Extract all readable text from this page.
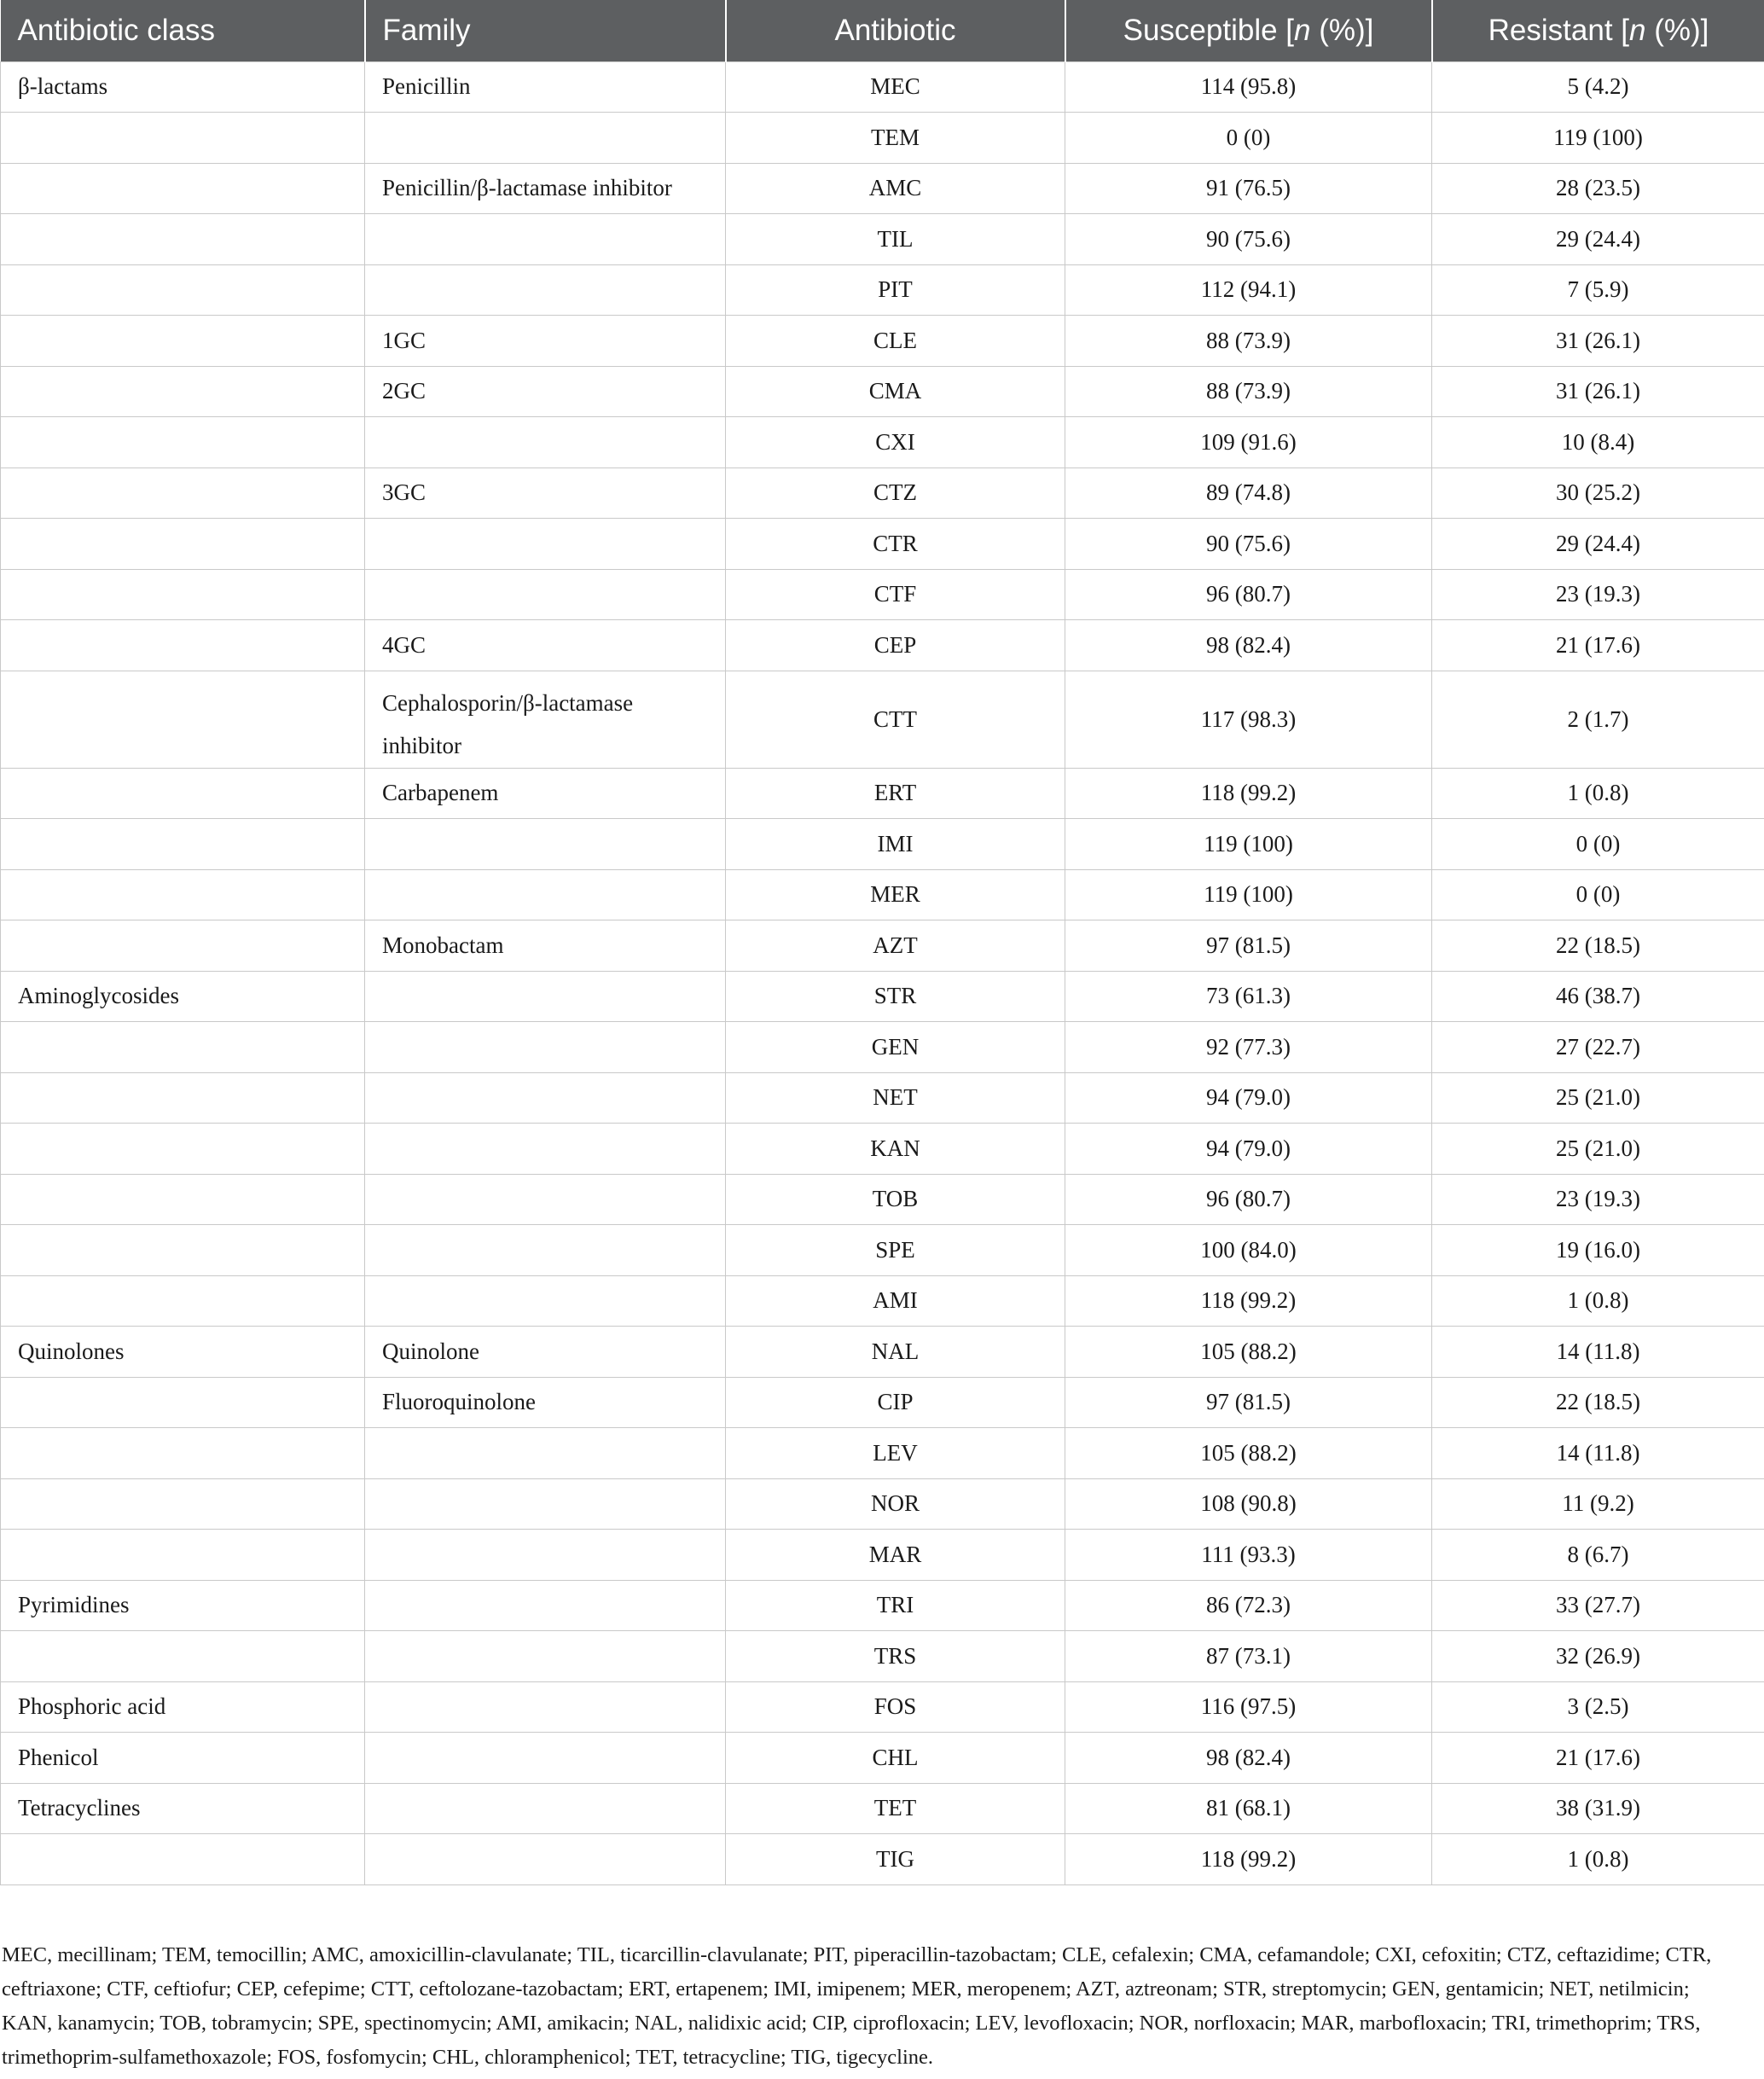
Antibiotic class	Family	Antibiotic	Susceptible [n (%)]	Resistant [n (%)]
β-lactams	Penicillin	MEC	114 (95.8)	5 (4.2)
		TEM	0 (0)	119 (100)
	Penicillin/β-lactamase inhibitor	AMC	91 (76.5)	28 (23.5)
		TIL	90 (75.6)	29 (24.4)
		PIT	112 (94.1)	7 (5.9)
	1GC	CLE	88 (73.9)	31 (26.1)
	2GC	CMA	88 (73.9)	31 (26.1)
		CXI	109 (91.6)	10 (8.4)
	3GC	CTZ	89 (74.8)	30 (25.2)
		CTR	90 (75.6)	29 (24.4)
		CTF	96 (80.7)	23 (19.3)
	4GC	CEP	98 (82.4)	21 (17.6)
	Cephalosporin/β-lactamase inhibitor	CTT	117 (98.3)	2 (1.7)
	Carbapenem	ERT	118 (99.2)	1 (0.8)
		IMI	119 (100)	0 (0)
		MER	119 (100)	0 (0)
	Monobactam	AZT	97 (81.5)	22 (18.5)
Aminoglycosides		STR	73 (61.3)	46 (38.7)
		GEN	92 (77.3)	27 (22.7)
		NET	94 (79.0)	25 (21.0)
		KAN	94 (79.0)	25 (21.0)
		TOB	96 (80.7)	23 (19.3)
		SPE	100 (84.0)	19 (16.0)
		AMI	118 (99.2)	1 (0.8)
Quinolones	Quinolone	NAL	105 (88.2)	14 (11.8)
	Fluoroquinolone	CIP	97 (81.5)	22 (18.5)
		LEV	105 (88.2)	14 (11.8)
		NOR	108 (90.8)	11 (9.2)
		MAR	111 (93.3)	8 (6.7)
Pyrimidines		TRI	86 (72.3)	33 (27.7)
		TRS	87 (73.1)	32 (26.9)
Phosphoric acid		FOS	116 (97.5)	3 (2.5)
Phenicol		CHL	98 (82.4)	21 (17.6)
Tetracyclines		TET	81 (68.1)	38 (31.9)
		TIG	118 (99.2)	1 (0.8)
MEC, mecillinam; TEM, temocillin; AMC, amoxicillin-clavulanate; TIL, ticarcillin-clavulanate; PIT, piperacillin-tazobactam; CLE, cefalexin; CMA, cefamandole; CXI, cefoxitin; CTZ, ceftazidime; CTR, ceftriaxone; CTF, ceftiofur; CEP, cefepime; CTT, ceftolozane-tazobactam; ERT, ertapenem; IMI, imipenem; MER, meropenem; AZT, aztreonam; STR, streptomycin; GEN, gentamicin; NET, netilmicin; KAN, kanamycin; TOB, tobramycin; SPE, spectinomycin; AMI, amikacin; NAL, nalidixic acid; CIP, ciprofloxacin; LEV, levofloxacin; NOR, norfloxacin; MAR, marbofloxacin; TRI, trimethoprim; TRS, trimethoprim-sulfamethoxazole; FOS, fosfomycin; CHL, chloramphenicol; TET, tetracycline; TIG, tigecycline.
